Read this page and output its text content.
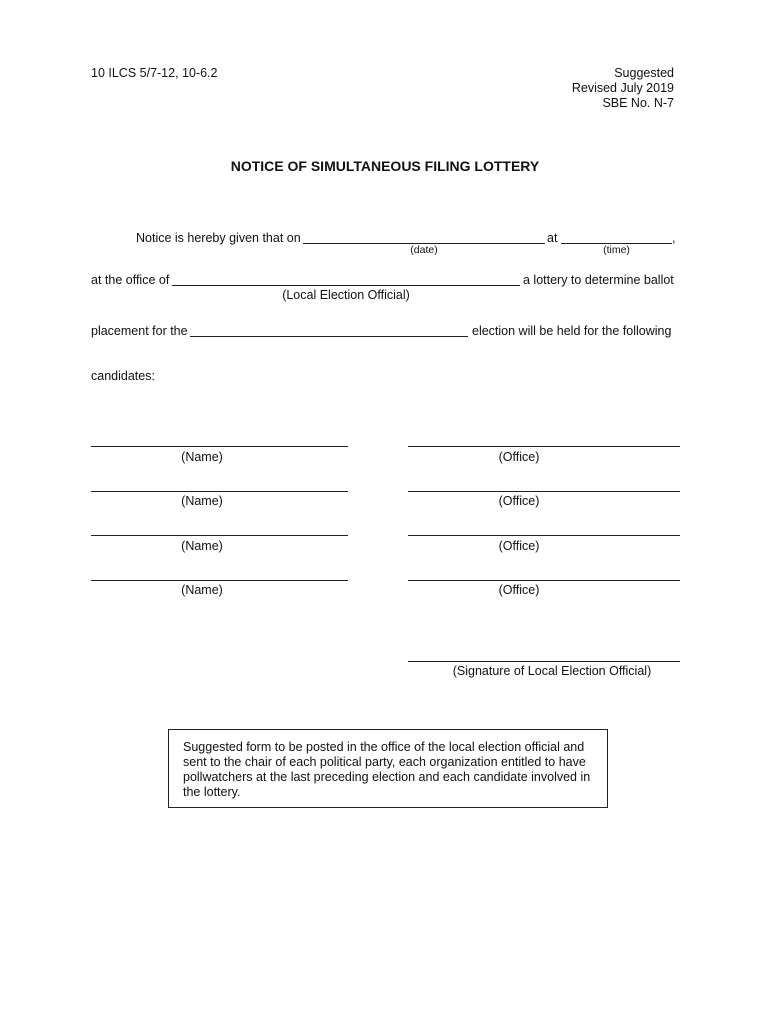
10 ILCS 5/7-12, 10-6.2	Suggested
Revised July 2019
SBE No. N-7
NOTICE OF SIMULTANEOUS FILING LOTTERY
Notice is hereby given that on	at	,
(date)	(time)
at the office of	a lottery to determine ballot
(Local Election Official)
placement for the	election will be held for the following
candidates:
(Name)	(Office)
(Name)	(Office)
(Name)	(Office)
(Name)	(Office)
(Signature of Local Election Official)
Suggested form to be posted in the office of the local election official and sent to the chair of each political party, each organization entitled to have pollwatchers at the last preceding election and each candidate involved in the lottery.
